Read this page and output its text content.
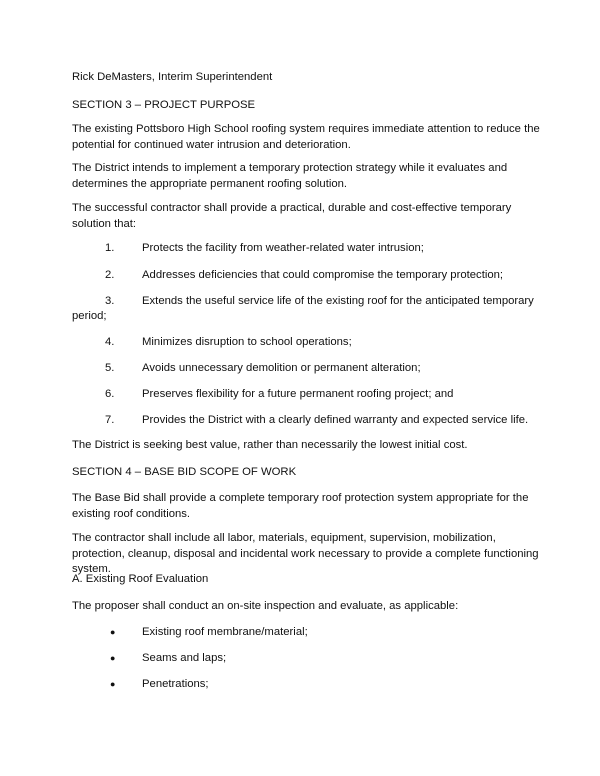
Rick DeMasters, Interim Superintendent

SECTION 3 – PROJECT PURPOSE

The existing Pottsboro High School roofing system requires immediate attention to reduce the potential for continued water intrusion and deterioration.

The District intends to implement a temporary protection strategy while it evaluates and determines the appropriate permanent roofing solution.

The successful contractor shall provide a practical, durable and cost-effective temporary solution that:

1.	Protects the facility from weather-related water intrusion;
2.	Addresses deficiencies that could compromise the temporary protection;
3.	Extends the useful service life of the existing roof for the anticipated temporary
period;
4.	Minimizes disruption to school operations;
5.	Avoids unnecessary demolition or permanent alteration;
6.	Preserves flexibility for a future permanent roofing project; and
7.	Provides the District with a clearly defined warranty and expected service life.

The District is seeking best value, rather than necessarily the lowest initial cost.

SECTION 4 – BASE BID SCOPE OF WORK

The Base Bid shall provide a complete temporary roof protection system appropriate for the existing roof conditions.

The contractor shall include all labor, materials, equipment, supervision, mobilization, protection, cleanup, disposal and incidental work necessary to provide a complete functioning system.

A. Existing Roof Evaluation

The proposer shall conduct an on-site inspection and evaluate, as applicable:

●	Existing roof membrane/material;
●	Seams and laps;
●	Penetrations;
